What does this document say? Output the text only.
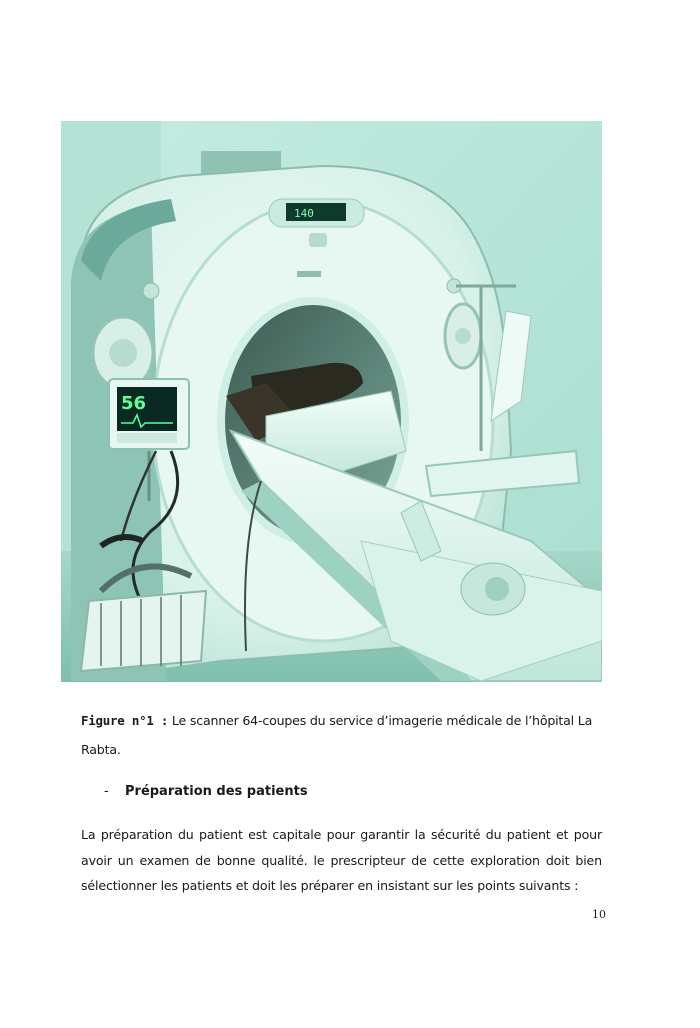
140
56
Figure n°1 : Le scanner 64-coupes du service d’imagerie médicale de l’hôpital La Rabta.
- Préparation des patients
La préparation du patient est capitale pour garantir la sécurité du patient et pour avoir un examen de bonne qualité. le prescripteur de cette exploration doit bien sélectionner les patients et doit les préparer en insistant sur les points suivants :
10
